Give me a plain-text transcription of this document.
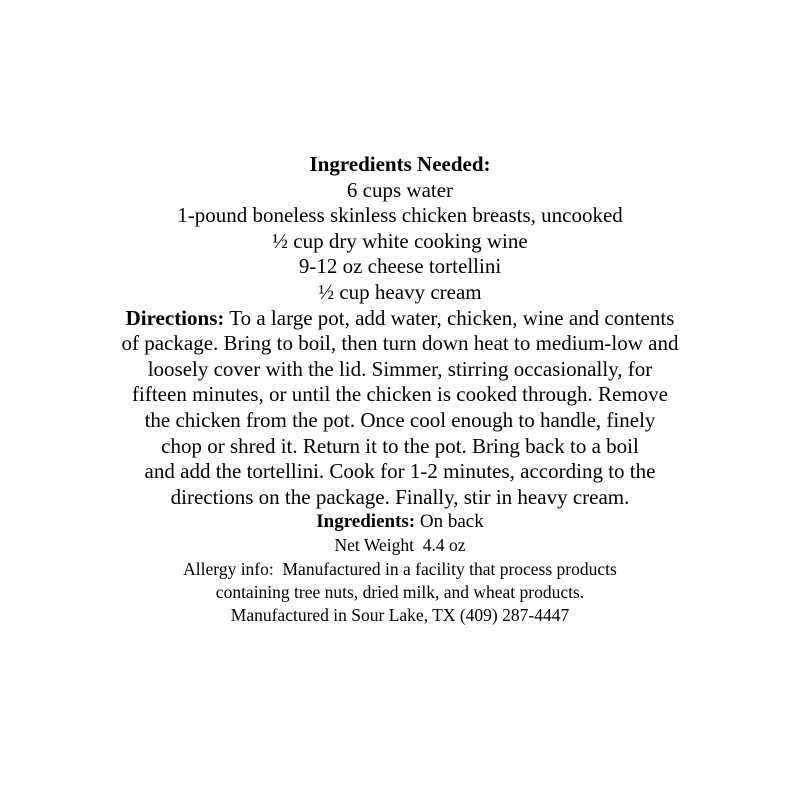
Ingredients Needed:
6 cups water
1-pound boneless skinless chicken breasts, uncooked
½ cup dry white cooking wine
9-12 oz cheese tortellini
½ cup heavy cream
Directions: To a large pot, add water, chicken, wine and contents
of package. Bring to boil, then turn down heat to medium-low and
loosely cover with the lid. Simmer, stirring occasionally, for
fifteen minutes, or until the chicken is cooked through. Remove
the chicken from the pot. Once cool enough to handle, finely
chop or shred it. Return it to the pot. Bring back to a boil
and add the tortellini. Cook for 1-2 minutes, according to the
directions on the package. Finally, stir in heavy cream.
Ingredients: On back
Net Weight  4.4 oz
Allergy info:  Manufactured in a facility that process products
containing tree nuts, dried milk, and wheat products.
Manufactured in Sour Lake, TX (409) 287-4447
